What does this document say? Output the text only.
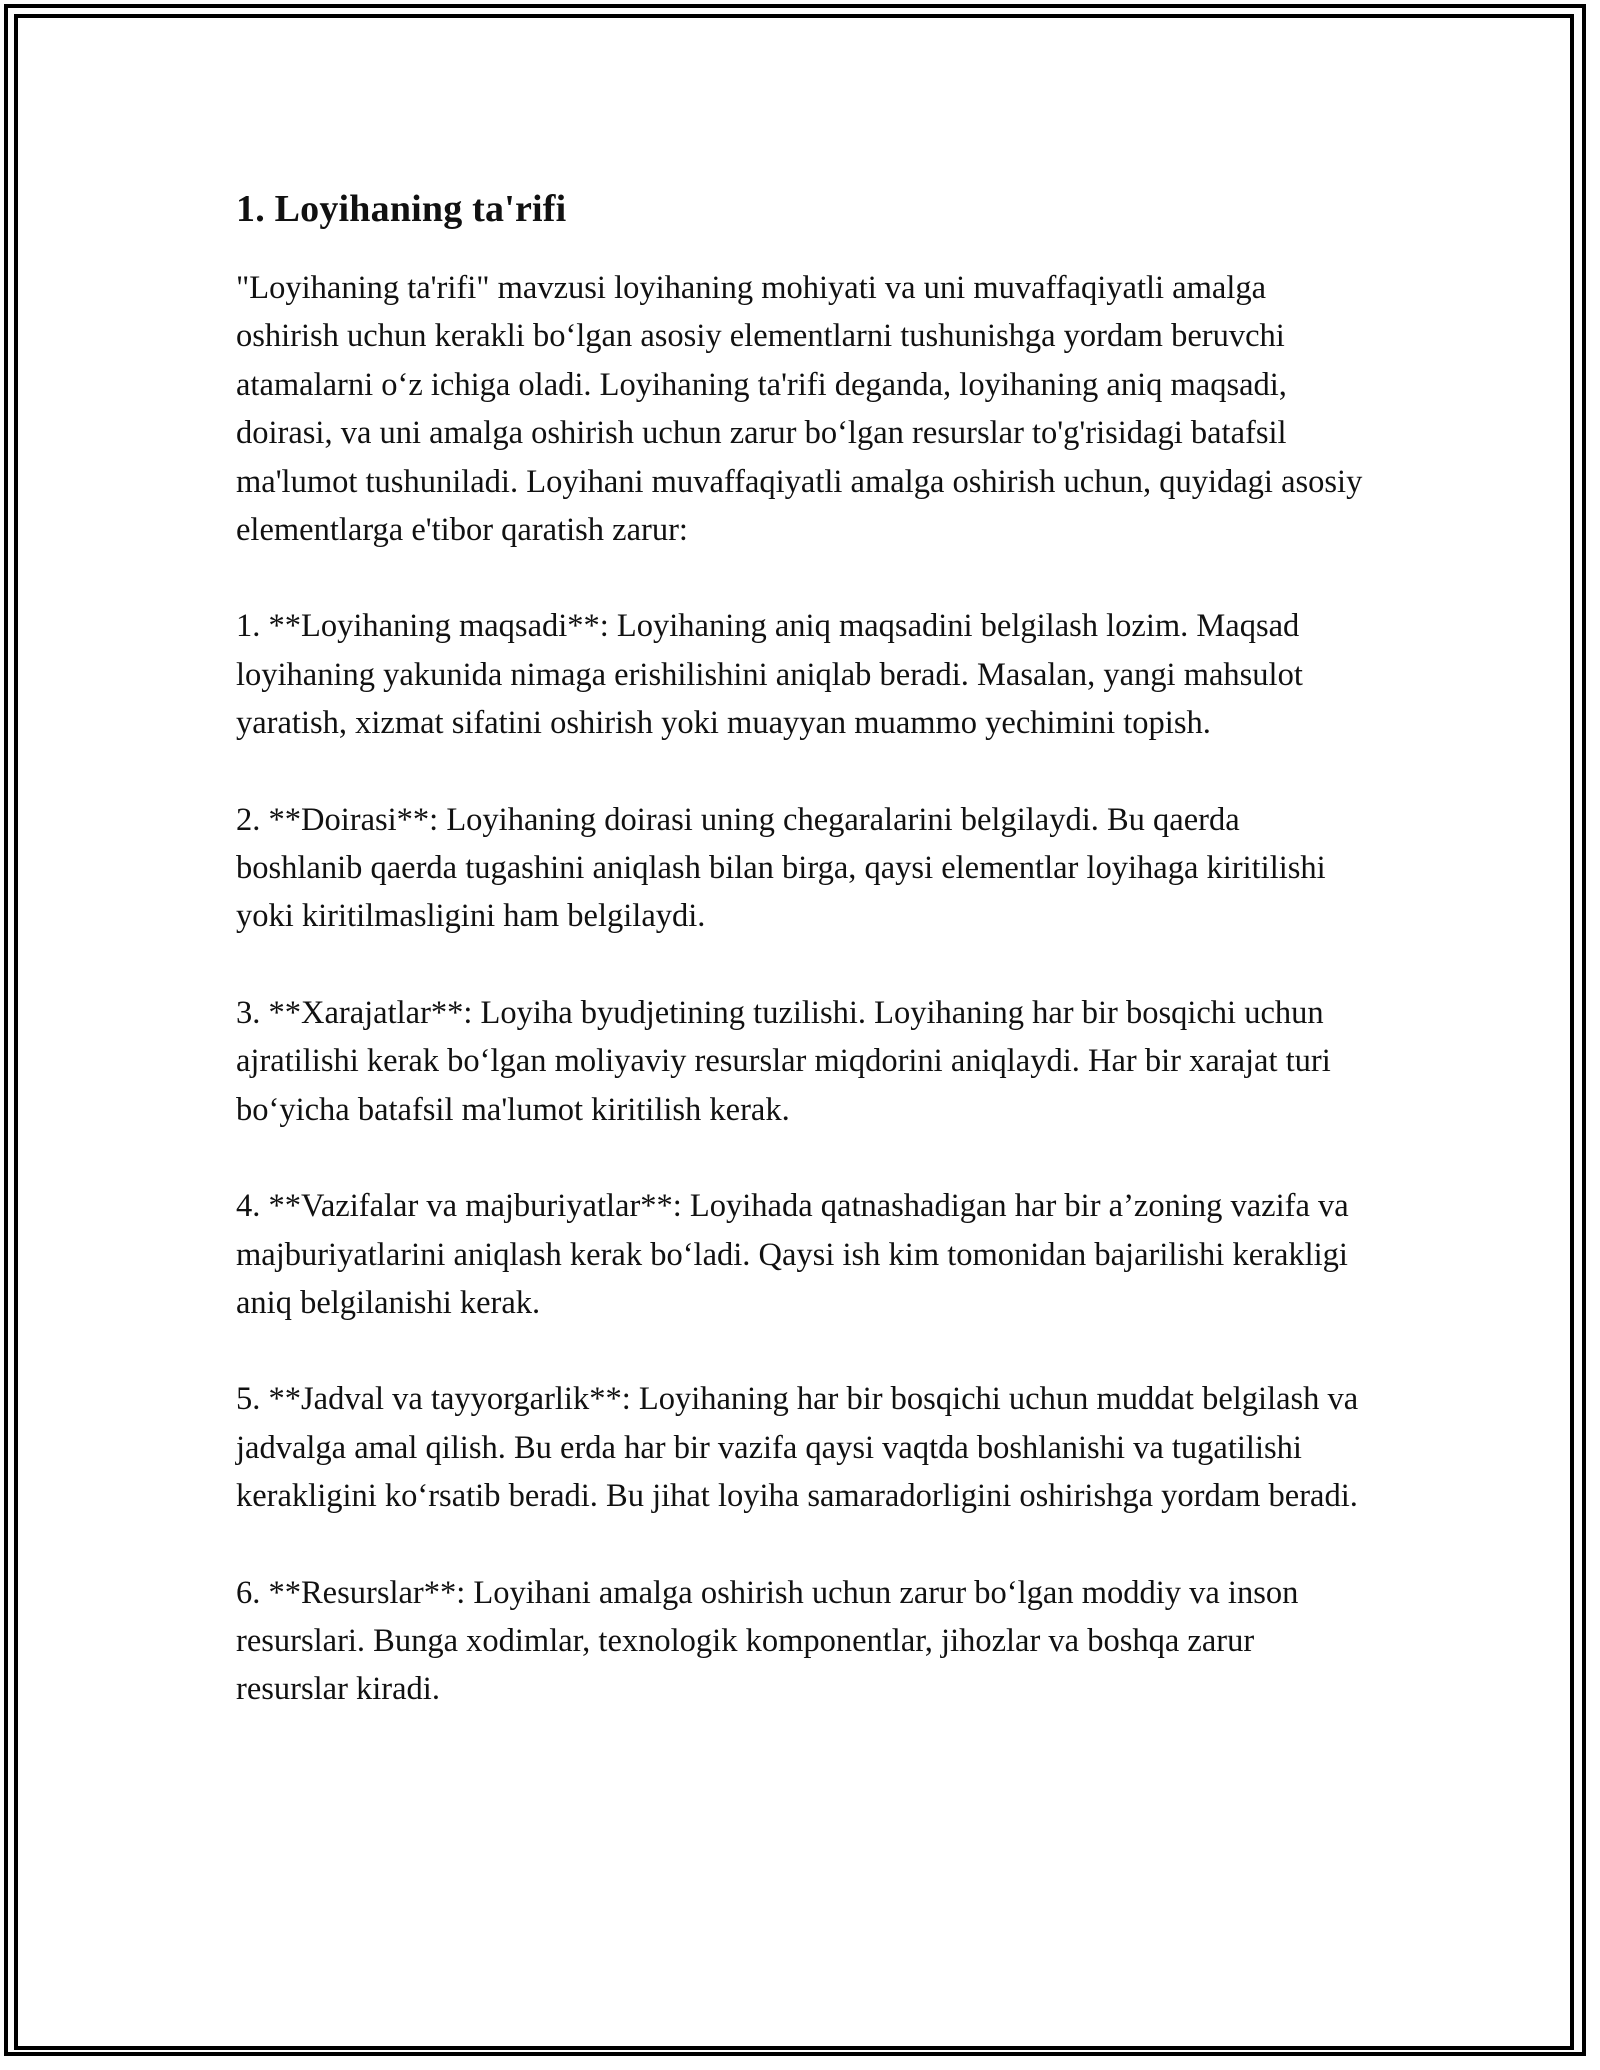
1. Loyihaning ta'rifi

"Loyihaning ta'rifi" mavzusi loyihaning mohiyati va uni muvaffaqiyatli amalga oshirish uchun kerakli bo‘lgan asosiy elementlarni tushunishga yordam beruvchi atamalarni o‘z ichiga oladi. Loyihaning ta'rifi deganda, loyihaning aniq maqsadi, doirasi, va uni amalga oshirish uchun zarur bo‘lgan resurslar to'g'risidagi batafsil ma'lumot tushuniladi. Loyihani muvaffaqiyatli amalga oshirish uchun, quyidagi asosiy elementlarga e'tibor qaratish zarur:

1. **Loyihaning maqsadi**: Loyihaning aniq maqsadini belgilash lozim. Maqsad loyihaning yakunida nimaga erishilishini aniqlab beradi. Masalan, yangi mahsulot yaratish, xizmat sifatini oshirish yoki muayyan muammo yechimini topish.

2. **Doirasi**: Loyihaning doirasi uning chegaralarini belgilaydi. Bu qaerda boshlanib qaerda tugashini aniqlash bilan birga, qaysi elementlar loyihaga kiritilishi yoki kiritilmasligini ham belgilaydi.

3. **Xarajatlar**: Loyiha byudjetining tuzilishi. Loyihaning har bir bosqichi uchun ajratilishi kerak bo‘lgan moliyaviy resurslar miqdorini aniqlaydi. Har bir xarajat turi bo‘yicha batafsil ma'lumot kiritilish kerak.

4. **Vazifalar va majburiyatlar**: Loyihada qatnashadigan har bir a’zoning vazifa va majburiyatlarini aniqlash kerak bo‘ladi. Qaysi ish kim tomonidan bajarilishi kerakligi aniq belgilanishi kerak.

5. **Jadval va tayyorgarlik**: Loyihaning har bir bosqichi uchun muddat belgilash va jadvalga amal qilish. Bu erda har bir vazifa qaysi vaqtda boshlanishi va tugatilishi kerakligini ko‘rsatib beradi. Bu jihat loyiha samaradorligini oshirishga yordam beradi.

6. **Resurslar**: Loyihani amalga oshirish uchun zarur bo‘lgan moddiy va inson resurslari. Bunga xodimlar, texnologik komponentlar, jihozlar va boshqa zarur resurslar kiradi.
